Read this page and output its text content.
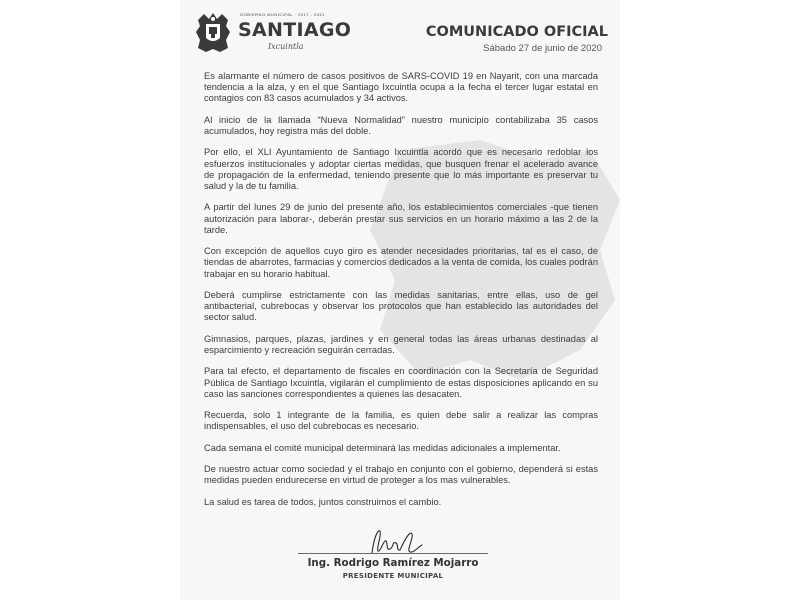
GOBIERNO MUNICIPAL · 2017 - 2021
SANTIAGO
Ixcuintla
COMUNICADO OFICIAL
Sábado 27 de junio de 2020

Es alarmante el número de casos positivos de SARS-COVID 19 en Nayarit, con una marcada tendencia a la alza, y en el que Santiago Ixcuintla ocupa a la fecha el tercer lugar estatal en contagios con 83 casos acumulados y 34 activos.

Al inicio de la llamada “Nueva Normalidad” nuestro municipio contabilizaba 35 casos acumulados, hoy registra más del doble.

Por ello, el XLI Ayuntamiento de Santiago Ixcuintla acordó que es necesario redoblar los esfuerzos institucionales y adoptar ciertas medidas, que busquen frenar el acelerado avance de propagación de la enfermedad, teniendo presente que lo más importante es preservar tu salud y la de tu familia.

A partir del lunes 29 de junio del presente año, los establecimientos comerciales -que tienen autorización para laborar-, deberán prestar sus servicios en un horario máximo a las 2 de la tarde.

Con excepción de aquellos cuyo giro es atender necesidades prioritarias, tal es el caso, de tiendas de abarrotes, farmacias y comercios dedicados a la venta de comida, los cuales podrán trabajar en su horario habitual.

Deberá cumplirse estrictamente con las medidas sanitarias, entre ellas, uso de gel antibacterial, cubrebocas y observar los protocolos que han establecido las autoridades del sector salud.

Gimnasios, parques, plazas, jardines y en general todas las áreas urbanas destinadas al esparcimiento y recreación seguirán cerradas.

Para tal efecto, el departamento de fiscales en coordinación con la Secretaría de Seguridad Pública de Santiago Ixcuintla, vigilarán el cumplimiento de estas disposiciones aplicando en su caso las sanciones correspondientes a quienes las desacaten.

Recuerda, solo 1 integrante de la familia, es quien debe salir a realizar las compras indispensables, el uso del cubrebocas es necesario.

Cada semana el comité municipal determinará las medidas adicionales a implementar.

De nuestro actuar como sociedad y el trabajo en conjunto con el gobierno, dependerá si estas medidas pueden endurecerse en virtud de proteger a los mas vulnerables.

La salud es tarea de todos, juntos construimos el cambio.

Ing. Rodrigo Ramírez Mojarro
PRESIDENTE MUNICIPAL
